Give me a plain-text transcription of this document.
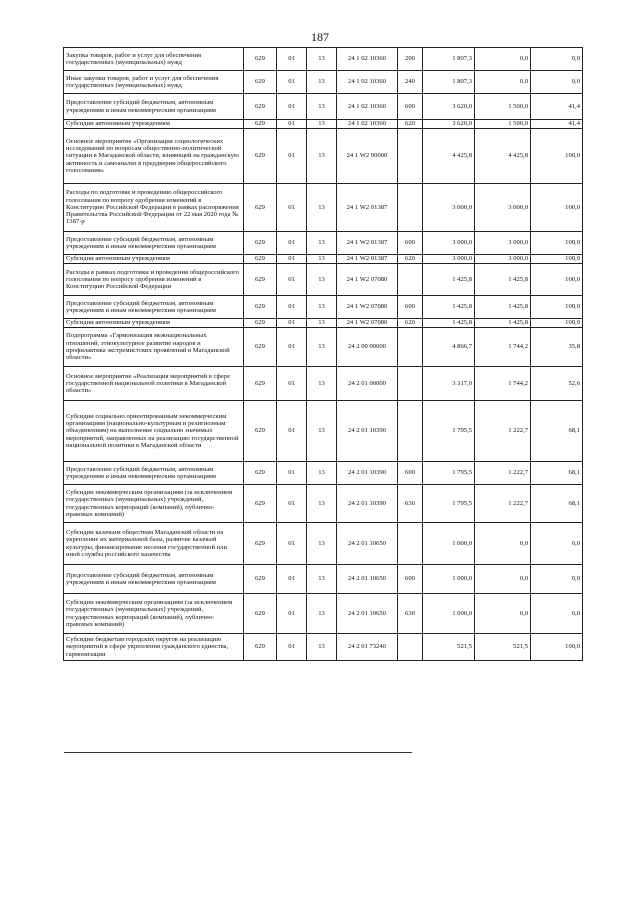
187
Закупка товаров, работ и услуг для обеспечения государственных (муниципальных) нужд	629	01	13	24 1 02 10360	200	1 807,3	0,0	0,0
Иные закупки товаров, работ и услуг для обеспечения государственных (муниципальных) нужд	629	01	13	24 1 02 10360	240	1 807,3	0,0	0,0
Предоставление субсидий бюджетным, автономным учреждениям и иным некоммерческим организациям	629	01	13	24 1 02 10360	600	3 620,0	1 500,0	41,4
Субсидии автономным учреждениям	629	01	13	24 1 02 10360	620	3 620,0	1 500,0	41,4
Основное мероприятие «Организация социологических исследований по вопросам общественно-политической ситуации в Магаданской области, влияющей на гражданскую активность и самоанализ в преддверии общероссийского голосования»	629	01	13	24 1 W2 00000		4 425,8	4 425,8	100,0
Расходы по подготовке и проведению общероссийского голосования по вопросу одобрения изменений в Конституцию Российской Федерации в рамках распоряжения Правительства Российской Федерации от 22 мая 2020 года № 1387-р	629	01	13	24 1 W2 01387		3 000,0	3 000,0	100,0
Предоставление субсидий бюджетным, автономным учреждениям и иным некоммерческим организациям	629	01	13	24 1 W2 01387	600	3 000,0	3 000,0	100,0
Субсидии автономным учреждениям	629	01	13	24 1 W2 01387	620	3 000,0	3 000,0	100,0
Расходы в рамках подготовки и проведения общероссийского голосования по вопросу одобрения изменений в Конституцию Российской Федерации	629	01	13	24 1 W2 07080		1 425,8	1 425,8	100,0
Предоставление субсидий бюджетным, автономным учреждениям и иным некоммерческим организациям	629	01	13	24 1 W2 07080	600	1 425,8	1 425,8	100,0
Субсидии автономным учреждениям	629	01	13	24 1 W2 07080	620	1 425,8	1 425,8	100,0
Подпрограмма «Гармонизация межнациональных отношений, этнокультурное развитие народов и профилактика экстремистских проявлений в Магаданской области»	629	01	13	24 2 00 00000		4 866,7	1 744,2	35,8
Основное мероприятие «Реализация мероприятий в сфере государственной национальной политики в Магаданской области»	629	01	13	24 2 01 00000		3 317,0	1 744,2	52,6
Субсидии социально ориентированным некоммерческим организациям (национально-культурным и религиозным объединениям) на выполнение социально значимых мероприятий, направленных на реализацию государственной национальной политики в Магаданской области	629	01	13	24 2 01 10390		1 795,5	1 222,7	68,1
Предоставление субсидий бюджетным, автономным учреждениям и иным некоммерческим организациям	629	01	13	24 2 01 10390	600	1 795,5	1 222,7	68,1
Субсидии некоммерческим организациям (за исключением государственных (муниципальных) учреждений, государственных корпораций (компаний), публично-правовых компаний)	629	01	13	24 2 01 10390	630	1 795,5	1 222,7	68,1
Субсидии казачьим обществам Магаданской области на укрепление их материальной базы, развитие казачьей культуры, финансирование несения государственной или иной службы российского казачества	629	01	13	24 2 01 10650		1 000,0	0,0	0,0
Предоставление субсидий бюджетным, автономным учреждениям и иным некоммерческим организациям	629	01	13	24 2 01 10650	600	1 000,0	0,0	0,0
Субсидии некоммерческим организациям (за исключением государственных (муниципальных) учреждений, государственных корпораций (компаний), публично-правовых компаний)	629	01	13	24 2 01 10650	630	1 000,0	0,0	0,0
Субсидии бюджетам городских округов на реализацию мероприятий в сфере укрепления гражданского единства, гармонизации	629	01	13	24 2 01 73240		521,5	521,5	100,0
